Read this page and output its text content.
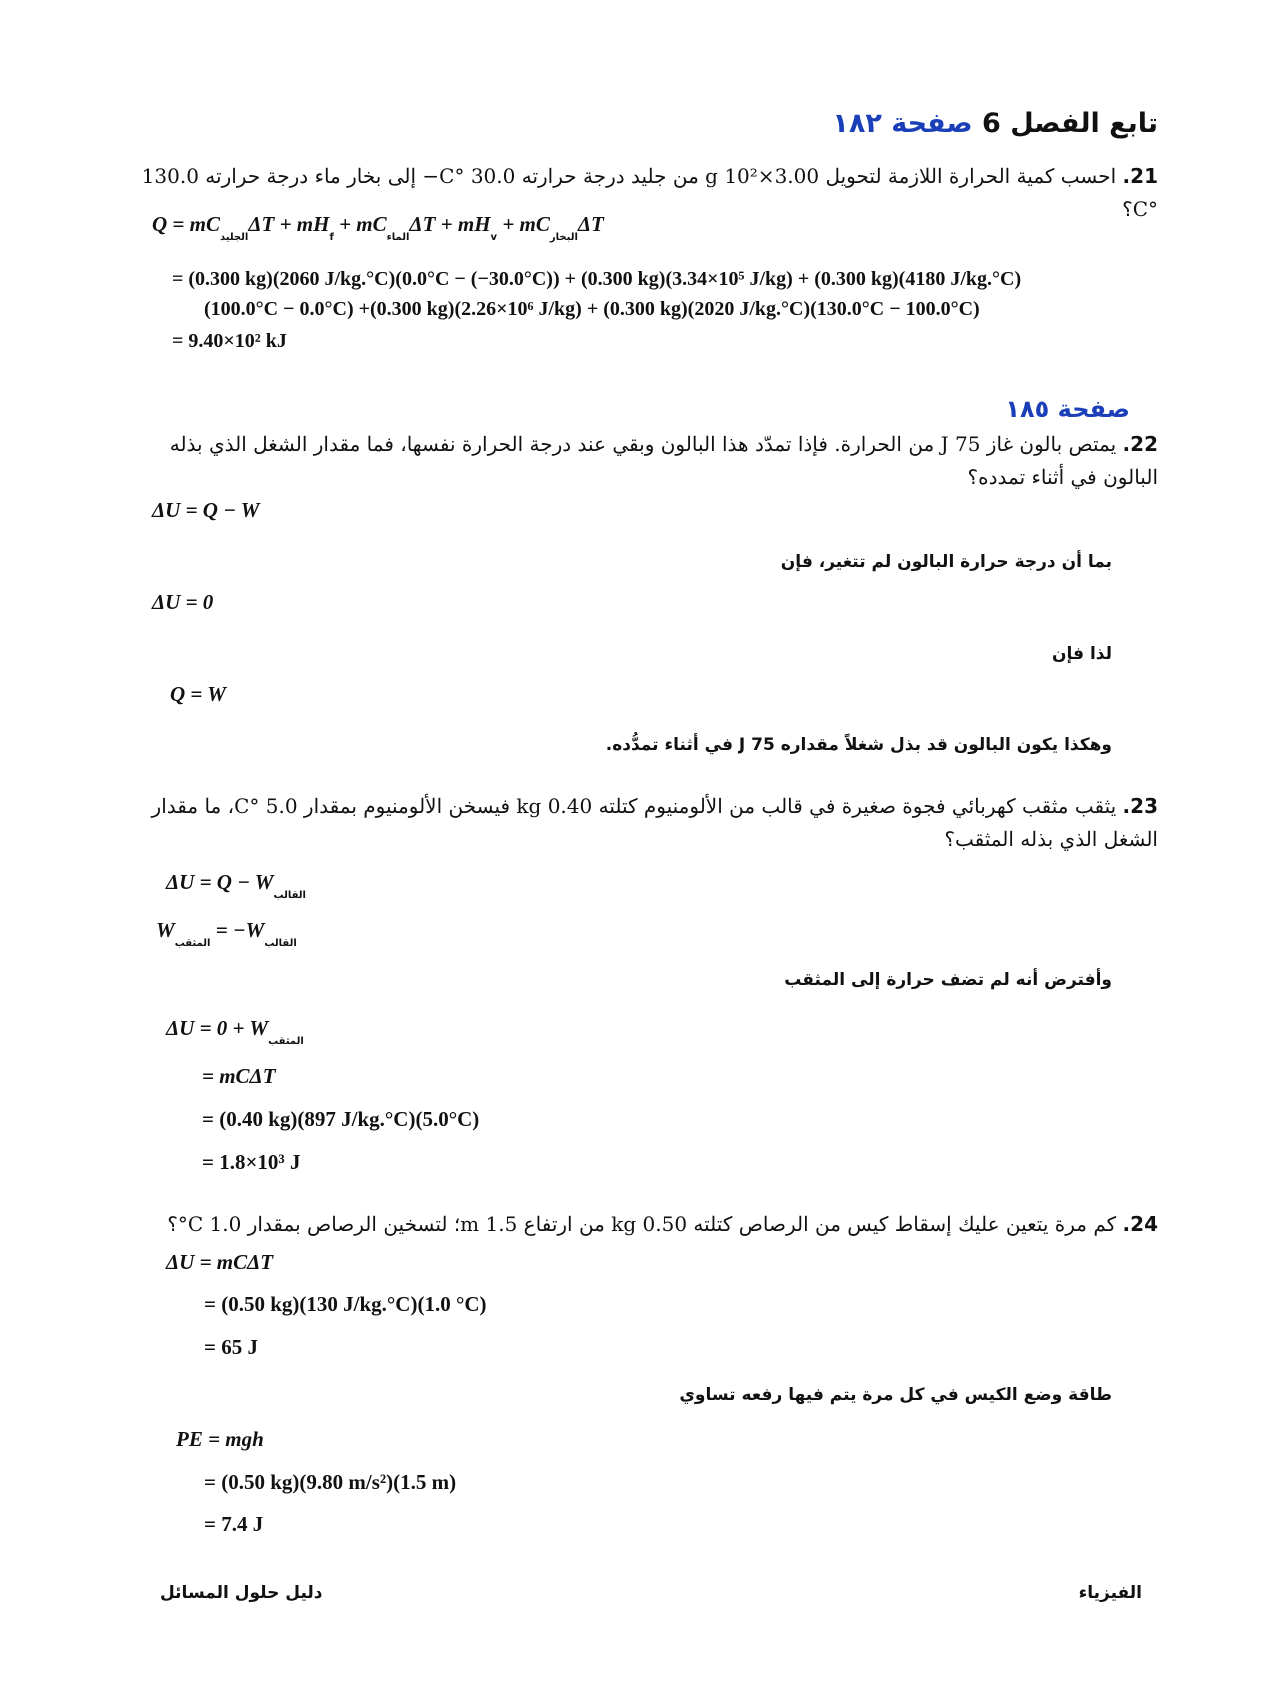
تابع الفصل 6 صفحة ١٨٢
21. احسب كمية الحرارة اللازمة لتحويل 3.00×10² g من جليد درجة حرارته 30.0 °C− إلى بخار ماء درجة حرارته 130.0 °C؟
$Q = mC_{الجليد}\Delta T + mH_f + mC_{الماء}\Delta T + mH_v + mC_{البخار}\Delta T$
= (0.300 kg)(2060 J/kg.°C)(0.0°C − (−30.0°C)) + (0.300 kg)(3.34×10⁵ J/kg) + (0.300 kg)(4180 J/kg.°C)
(100.0°C − 0.0°C) +(0.300 kg)(2.26×10⁶ J/kg) + (0.300 kg)(2020 J/kg.°C)(130.0°C − 100.0°C)
= 9.40×10² kJ
صفحة ١٨٥
22. يمتص بالون غاز 75 J من الحرارة. فإذا تمدّد هذا البالون وبقي عند درجة الحرارة نفسها، فما مقدار الشغل الذي بذله البالون في أثناء تمدده؟
ΔU = Q − W
بما أن درجة حرارة البالون لم تتغير، فإن
ΔU = 0
لذا فإن
Q = W
وهكذا يكون البالون قد بذل شغلاً مقداره 75 J في أثناء تمدُّده.
23. يثقب مثقب كهربائي فجوة صغيرة في قالب من الألومنيوم كتلته 0.40 kg فيسخن الألومنيوم بمقدار 5.0 °C، ما مقدار الشغل الذي بذله المثقب؟
$\Delta U = Q - W_{القالب}$
$W_{المثقب} = -W_{القالب}$
وأفترض أنه لم تضف حرارة إلى المثقب
$\Delta U = 0 + W_{المثقب}$
= mCΔT
= (0.40 kg)(897 J/kg.°C)(5.0°C)
= 1.8×10³ J
24. كم مرة يتعين عليك إسقاط كيس من الرصاص كتلته 0.50 kg من ارتفاع 1.5 m؛ لتسخين الرصاص بمقدار 1.0 C°؟
ΔU = mCΔT
= (0.50 kg)(130 J/kg.°C)(1.0 °C)
= 65 J
طاقة وضع الكيس في كل مرة يتم فيها رفعه تساوي
PE = mgh
= (0.50 kg)(9.80 m/s²)(1.5 m)
= 7.4 J
الفيزياء
دليل حلول المسائل
